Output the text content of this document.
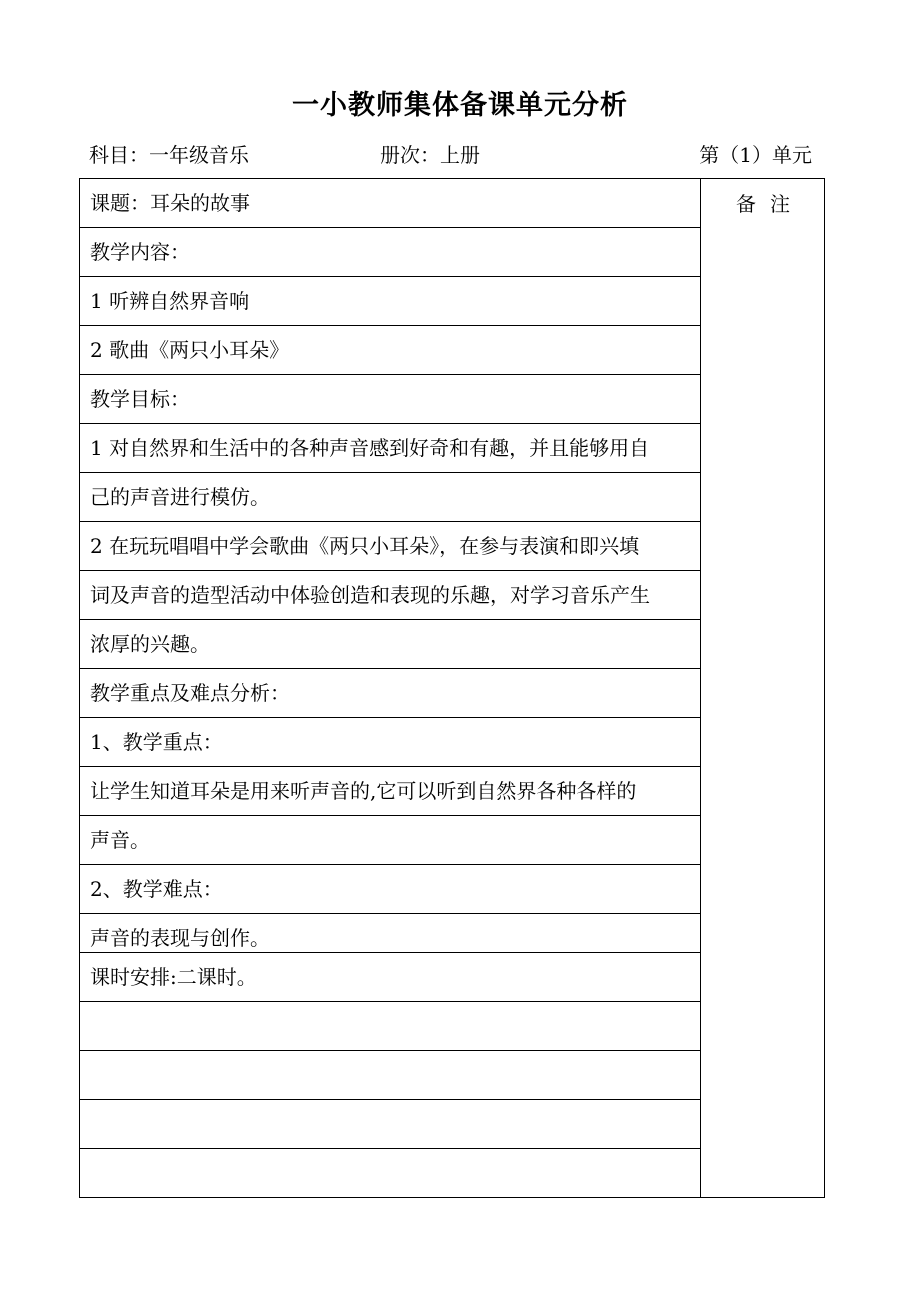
一小教师集体备课单元分析
科目：一年级音乐	册次：上册	第（1）单元
备注
课题：耳朵的故事
教学内容：
1 听辨自然界音响
2 歌曲《两只小耳朵》
教学目标：
1 对自然界和生活中的各种声音感到好奇和有趣，并且能够用自
己的声音进行模仿。
2 在玩玩唱唱中学会歌曲《两只小耳朵》，在参与表演和即兴填
词及声音的造型活动中体验创造和表现的乐趣，对学习音乐产生
浓厚的兴趣。
教学重点及难点分析：
1、教学重点：
让学生知道耳朵是用来听声音的,它可以听到自然界各种各样的
声音。
2、教学难点：
声音的表现与创作。
课时安排:二课时。
